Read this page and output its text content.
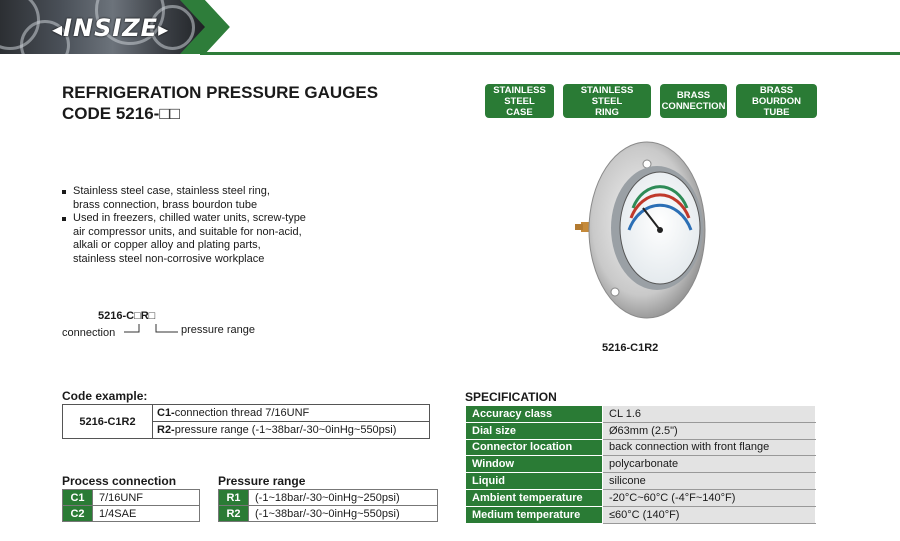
◂INSIZE▸
REFRIGERATION PRESSURE GAUGES
CODE 5216-□□
STAINLESS
STEEL CASE
STAINLESS STEEL
RING
BRASS
CONNECTION
BRASS
BOURDON TUBE
Stainless steel case, stainless steel ring,
brass connection, brass bourdon tube
Used in freezers, chilled water units, screw-type
air compressor units, and suitable for non-acid,
alkali or copper alloy and plating parts,
stainless steel non-corrosive workplace
5216-C□R□
connection	pressure range
5216-C1R2
Code example:
5216-C1R2	C1-connection thread 7/16UNF
R2-pressure range (-1~38bar/-30~0inHg~550psi)
Process connection
C1	7/16UNF
C2	1/4SAE
Pressure range
R1	(-1~18bar/-30~0inHg~250psi)
R2	(-1~38bar/-30~0inHg~550psi)
SPECIFICATION
Accuracy class	CL 1.6
Dial size	Ø63mm (2.5")
Connector location	back connection with front flange
Window	polycarbonate
Liquid	silicone
Ambient temperature	-20°C~60°C (-4°F~140°F)
Medium temperature	≤60°C (140°F)
